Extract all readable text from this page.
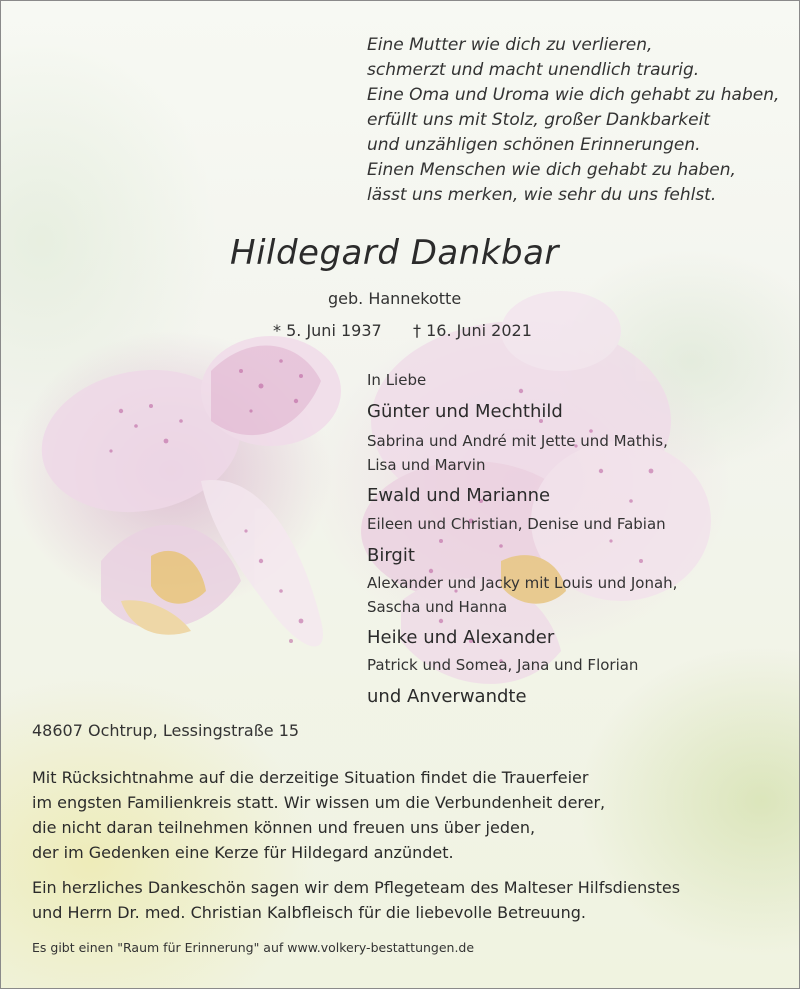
Eine Mutter wie dich zu verlieren,
schmerzt und macht unendlich traurig.
Eine Oma und Uroma wie dich gehabt zu haben,
erfüllt uns mit Stolz, großer Dankbarkeit
und unzähligen schönen Erinnerungen.
Einen Menschen wie dich gehabt zu haben,
lässt uns merken, wie sehr du uns fehlst.
Hildegard Dankbar
geb. Hannekotte
* 5. Juni 1937 † 16. Juni 2021
In Liebe
Günter und Mechthild
Sabrina und André mit Jette und Mathis,
Lisa und Marvin
Ewald und Marianne
Eileen und Christian, Denise und Fabian
Birgit
Alexander und Jacky mit Louis und Jonah,
Sascha und Hanna
Heike und Alexander
Patrick und Somea, Jana und Florian
und Anverwandte
48607 Ochtrup, Lessingstraße 15
Mit Rücksichtnahme auf die derzeitige Situation findet die Trauerfeier
im engsten Familienkreis statt. Wir wissen um die Verbundenheit derer,
die nicht daran teilnehmen können und freuen uns über jeden,
der im Gedenken eine Kerze für Hildegard anzündet.
Ein herzliches Dankeschön sagen wir dem Pflegeteam des Malteser Hilfsdienstes
und Herrn Dr. med. Christian Kalbfleisch für die liebevolle Betreuung.
Es gibt einen "Raum für Erinnerung" auf www.volkery-bestattungen.de
